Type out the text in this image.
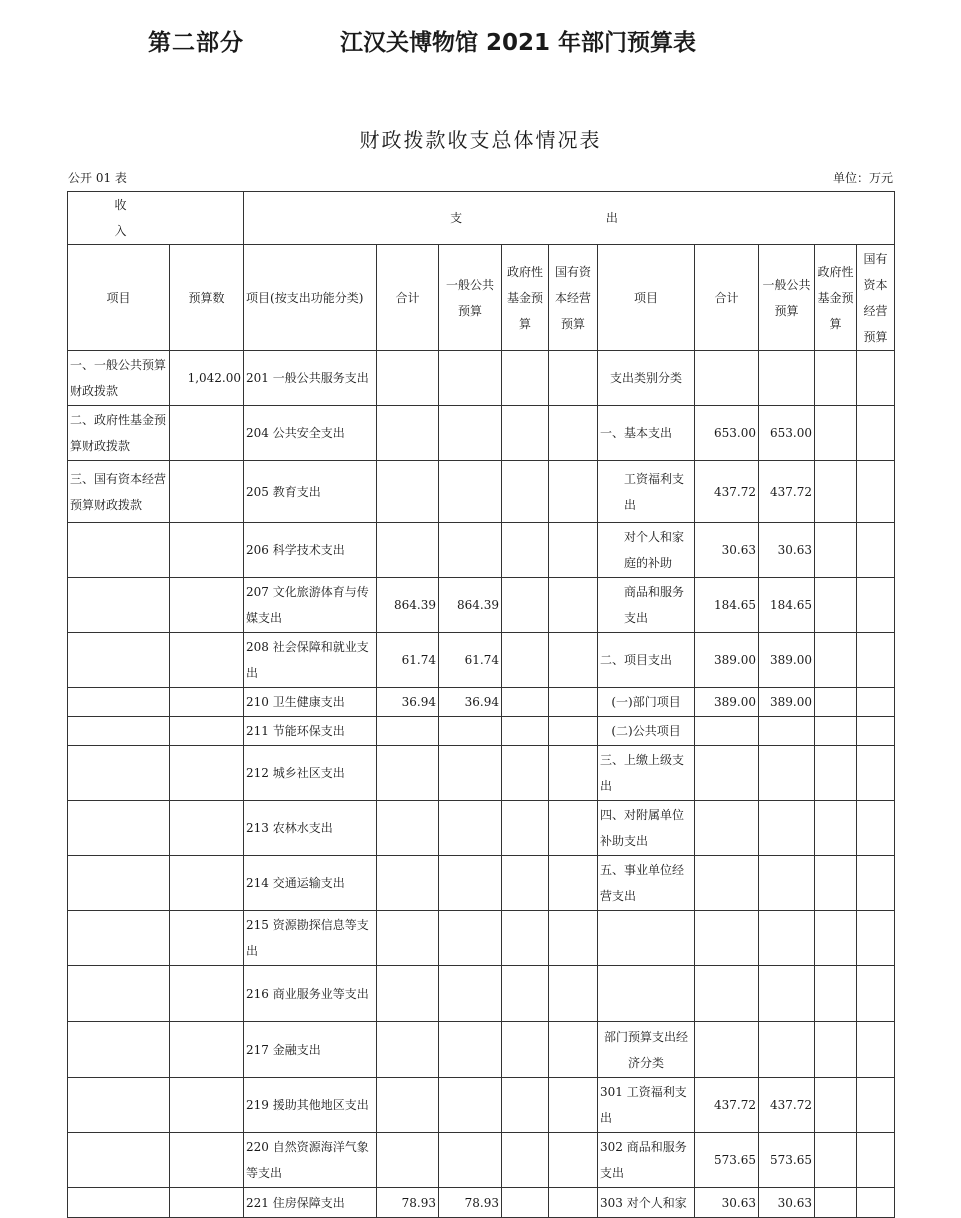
第二部分	江汉关博物馆 2021 年部门预算表
财政拨款收支总体情况表
公开 01 表	单位：万元
收 入		支 出									
项目	预算数	项目(按支出功能分类)	合计	一般公共预算	政府性基金预算	国有资本经营预算	项目	合计	一般公共预算	政府性基金预算	国有资本经营预算
一、一般公共预算财政拨款	1,042.00	201 一般公共服务支出					支出类别分类				
二、政府性基金预算财政拨款		204 公共安全支出					一、基本支出	653.00	653.00		
三、国有资本经营预算财政拨款		205 教育支出					工资福利支出	437.72	437.72		
		206 科学技术支出					对个人和家庭的补助	30.63	30.63		
		207 文化旅游体育与传媒支出	864.39	864.39			商品和服务支出	184.65	184.65		
		208 社会保障和就业支出	61.74	61.74			二、项目支出	389.00	389.00		
		210 卫生健康支出	36.94	36.94			(一)部门项目	389.00	389.00		
		211 节能环保支出					(二)公共项目				
		212 城乡社区支出					三、上缴上级支出				
		213 农林水支出					四、对附属单位补助支出				
		214 交通运输支出					五、事业单位经营支出				
		215 资源勘探信息等支出									
		216 商业服务业等支出									
		217 金融支出					部门预算支出经济分类				
		219 援助其他地区支出					301 工资福利支出	437.72	437.72		
		220 自然资源海洋气象等支出					302 商品和服务支出	573.65	573.65		
		221 住房保障支出	78.93	78.93			303 对个人和家	30.63	30.63		
